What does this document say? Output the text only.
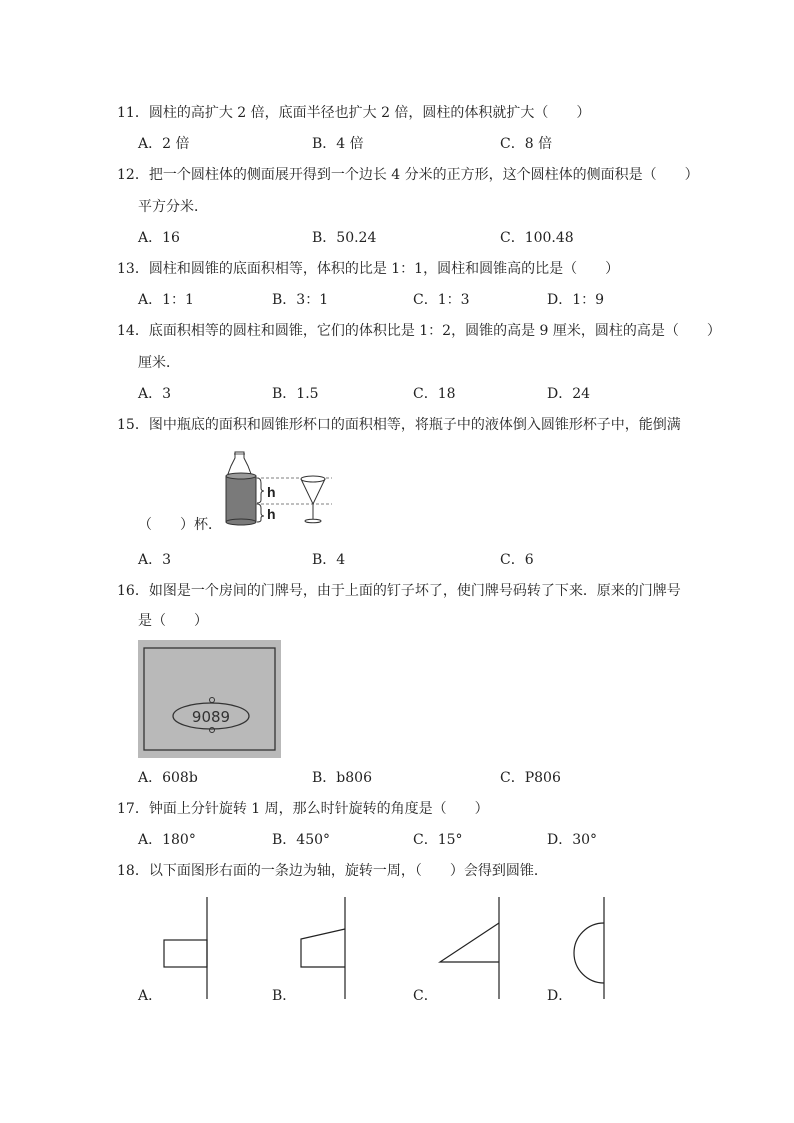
11．圆柱的高扩大 2 倍，底面半径也扩大 2 倍，圆柱的体积就扩大（　　）
A．2 倍	B．4 倍	C．8 倍
12．把一个圆柱体的侧面展开得到一个边长 4 分米的正方形，这个圆柱体的侧面积是（　　）
平方分米．
A．16	B．50.24	C．100.48
13．圆柱和圆锥的底面积相等，体积的比是 1：1，圆柱和圆锥高的比是（　　）
A．1：1	B．3：1	C．1：3	D．1：9
14．底面积相等的圆柱和圆锥，它们的体积比是 1：2，圆锥的高是 9 厘米，圆柱的高是（　　）
厘米．
A．3	B．1.5	C．18	D．24
15．图中瓶底的面积和圆锥形杯口的面积相等，将瓶子中的液体倒入圆锥形杯子中，能倒满
h
h
（　　）杯．
A．3	B．4	C．6
16．如图是一个房间的门牌号，由于上面的钉子坏了，使门牌号码转了下来．原来的门牌号
是（　　）
9089
A．608b	B．b806	C．P806
17．钟面上分针旋转 1 周，那么时针旋转的角度是（　　）
A．180°	B．450°	C．15°	D．30°
18．以下面图形右面的一条边为轴，旋转一周，（　　）会得到圆锥．
A．	B．	C．	D．
